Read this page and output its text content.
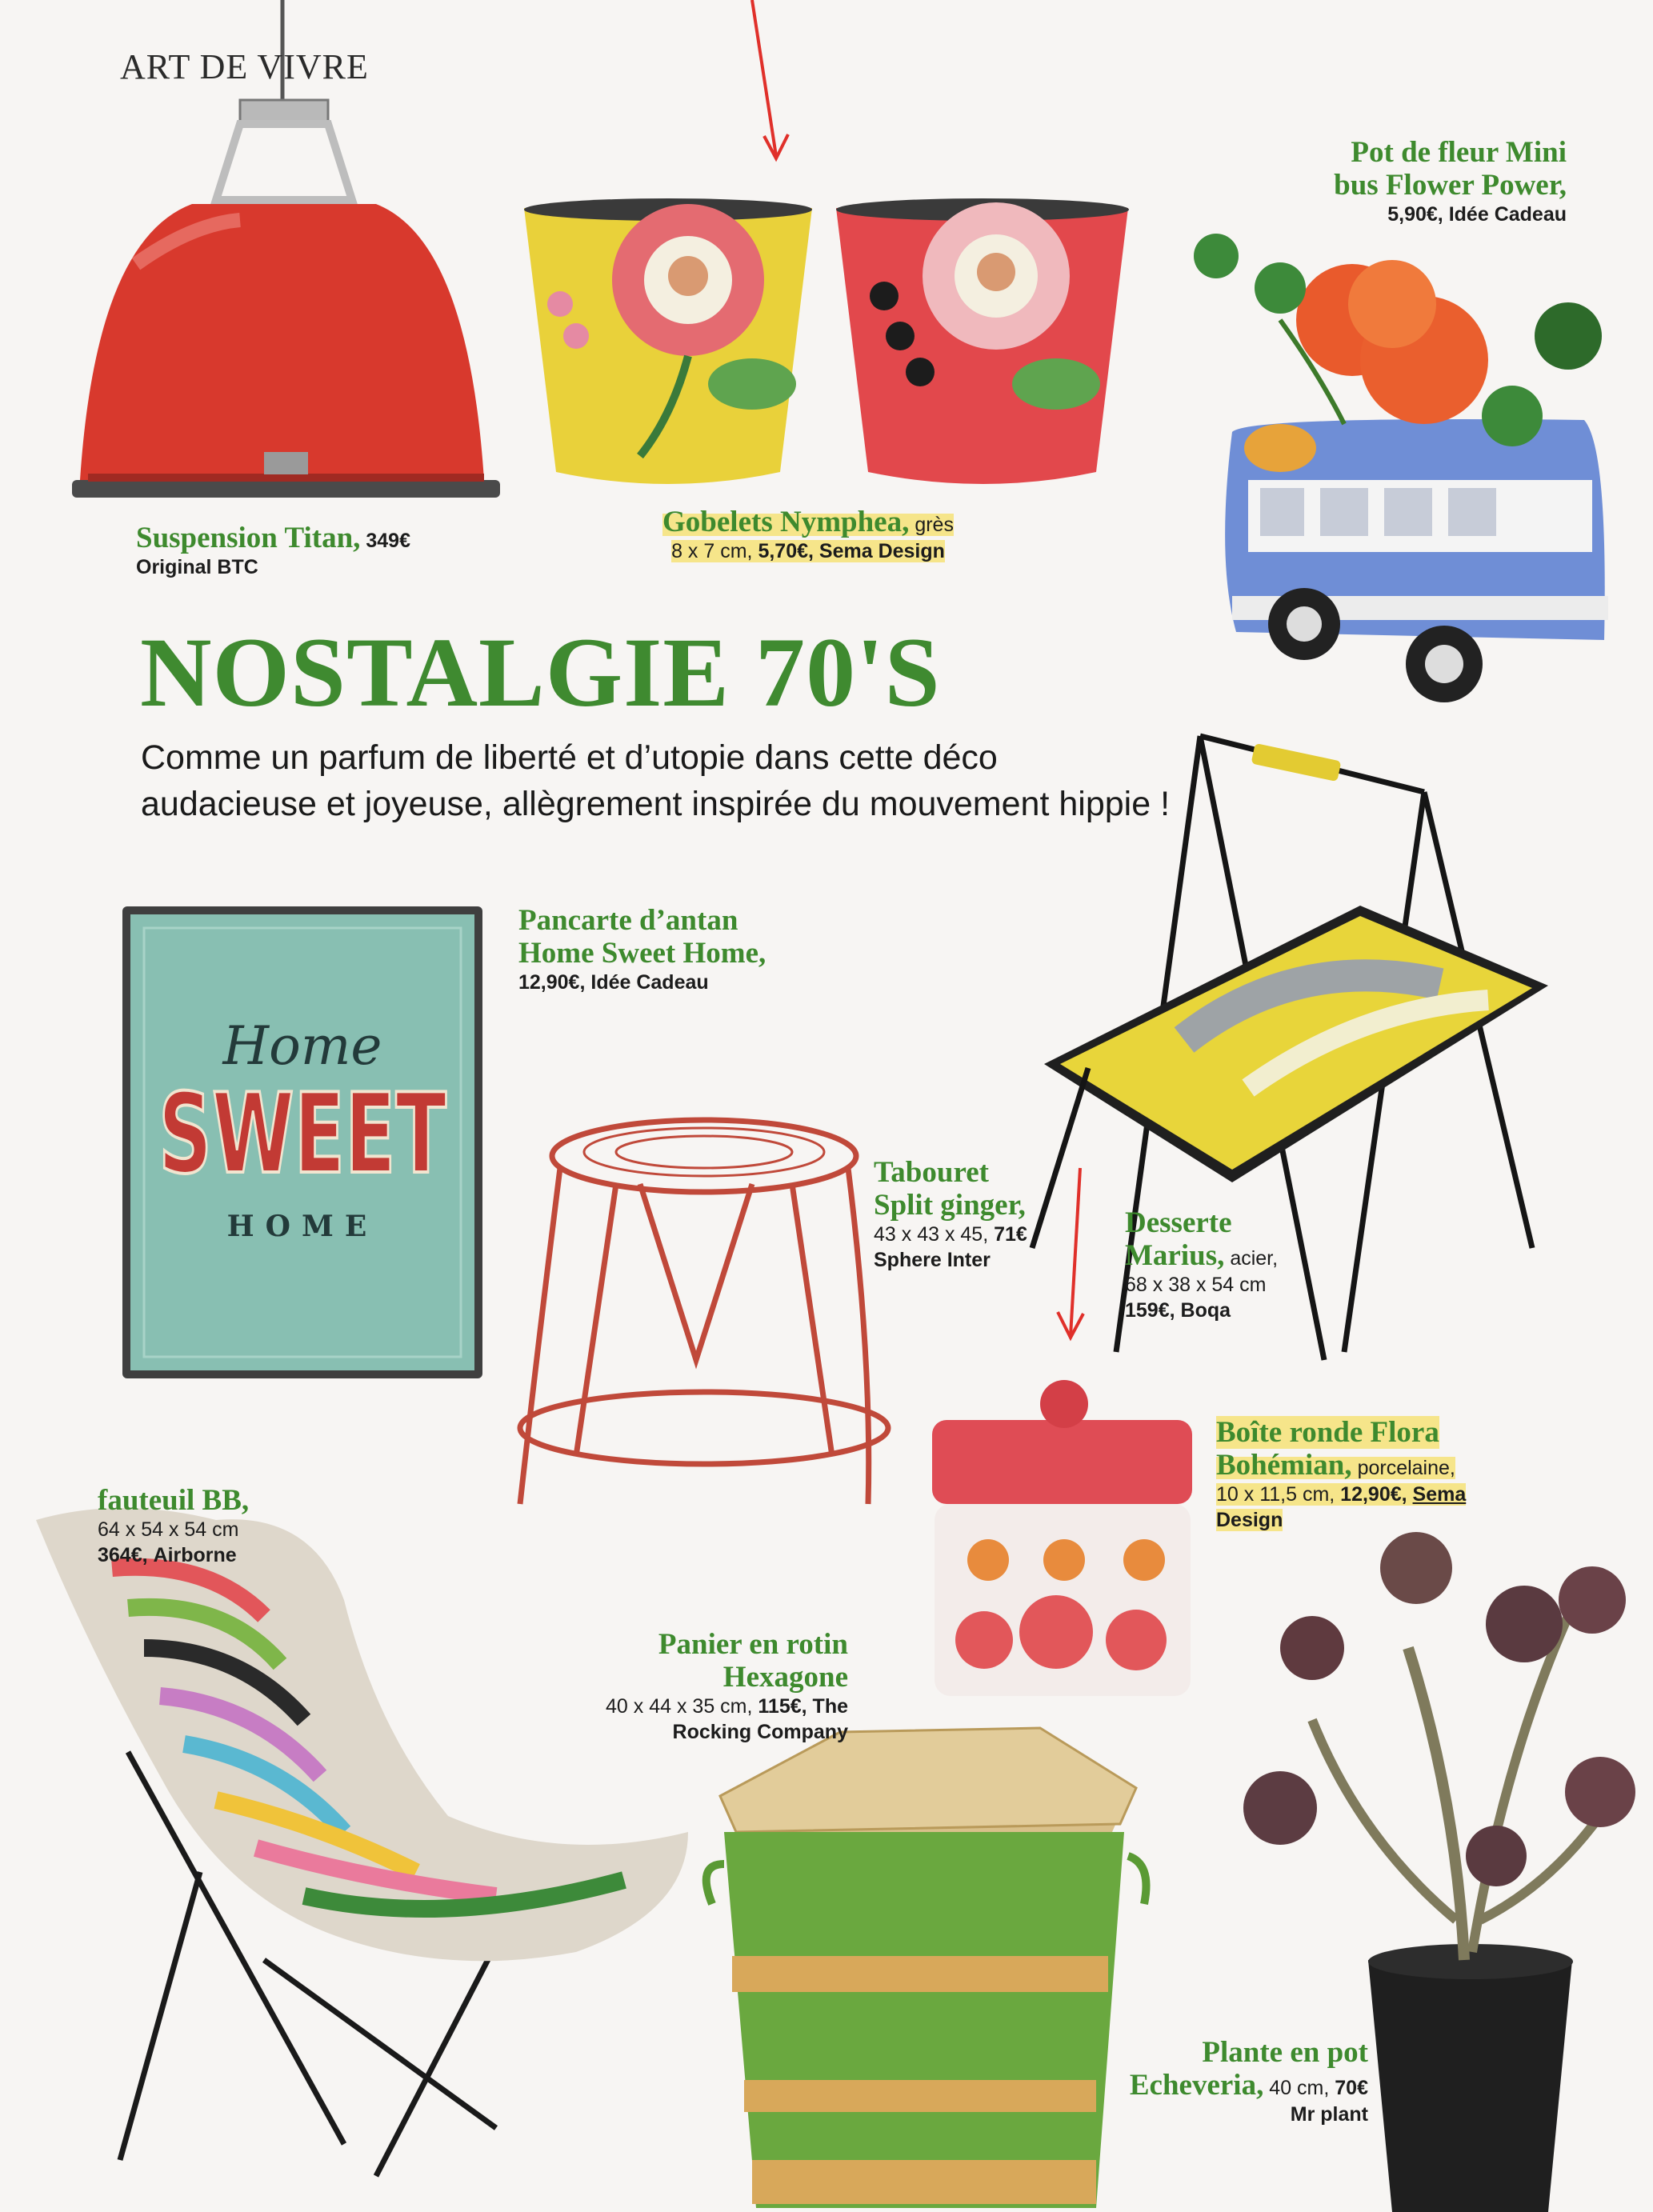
Home
SWEET
HOME
ART DE VIVRE
NOSTALGIE 70'S
Comme un parfum de liberté et d’utopie dans cette déco audacieuse et joyeuse, allègrement inspirée du mouvement hippie !
Suspension Titan, 349€
Original BTC
Gobelets Nymphea, grès
8 x 7 cm, 5,70€, Sema Design
Pot de fleur Mini
bus Flower Power,
5,90€, Idée Cadeau
Pancarte d’antan
Home Sweet Home,
12,90€, Idée Cadeau
Tabouret
Split ginger,
43 x 43 x 45, 71€
Sphere Inter
Desserte
Marius, acier,
68 x 38 x 54 cm
159€, Boqa
Boîte ronde Flora
Bohémian, porcelaine,
10 x 11,5 cm, 12,90€, Sema
Design
fauteuil BB,
64 x 54 x 54 cm
364€, Airborne
Panier en rotin
Hexagone
40 x 44 x 35 cm, 115€, The
Rocking Company
Plante en pot
Echeveria, 40 cm, 70€
Mr plant
